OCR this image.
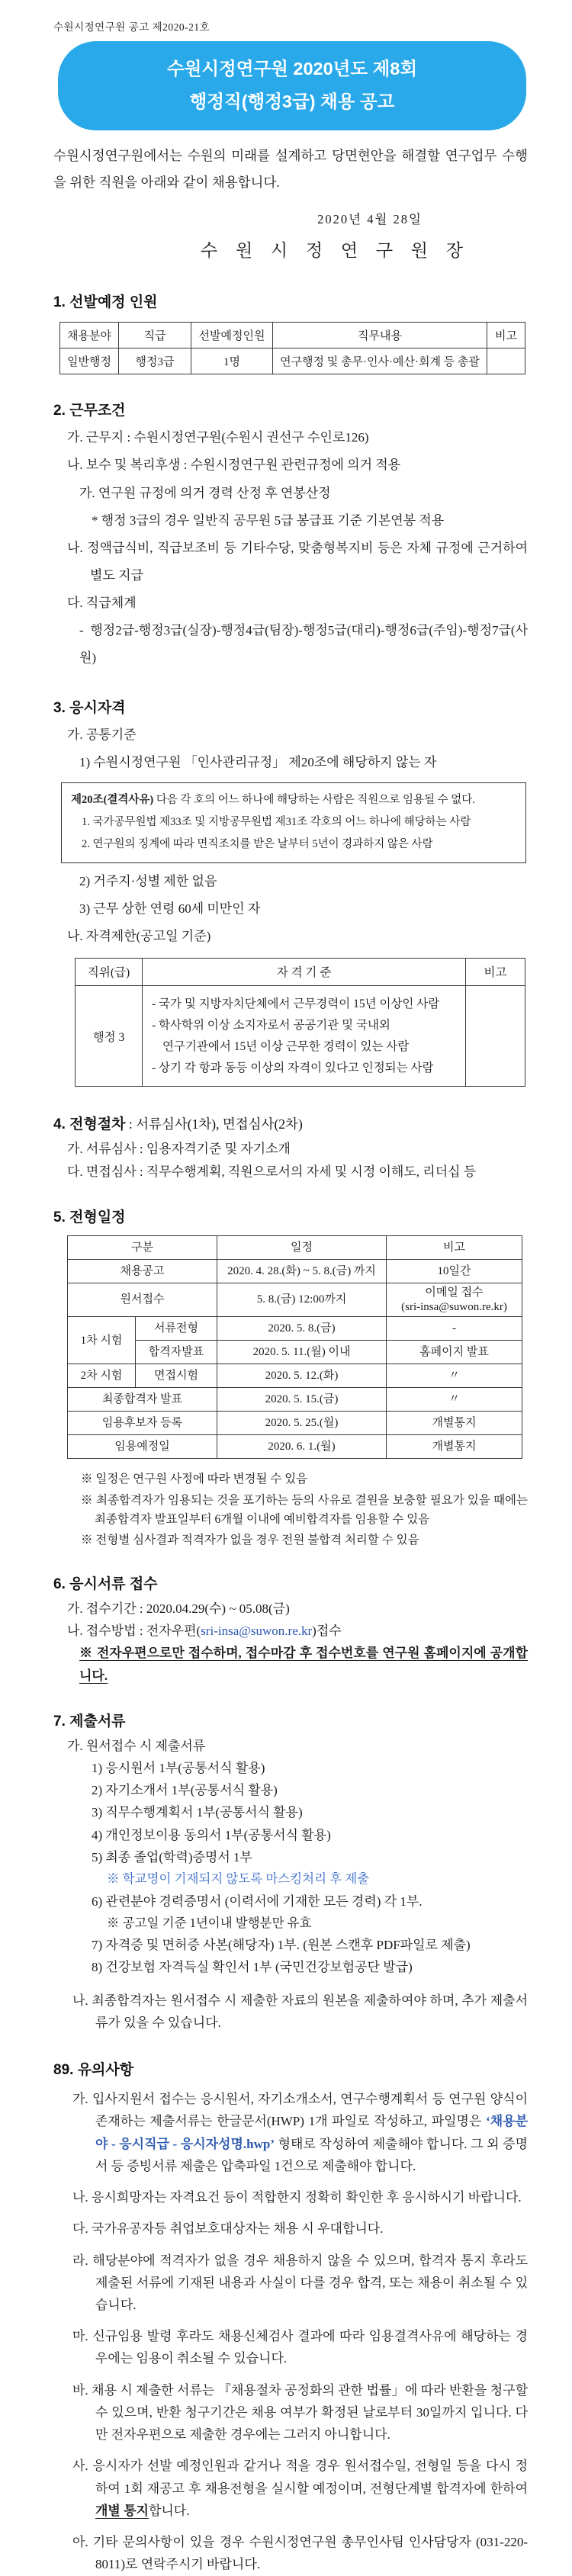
수원시정연구원 공고 제2020-21호
수원시정연구원 2020년도 제8회
행정직(행정3급) 채용 공고

수원시정연구원에서는 수원의 미래를 설계하고 당면현안을 해결할 연구업무 수행을 위한 직원을 아래와 같이 채용합니다.

2020년 4월 28일
수 원 시 정 연 구 원 장
1. 선발예정 인원
채용분야	직급	선발예정인원	직무내용	비고
일반행정	행정3급	1명	연구행정 및 총무·인사·예산·회계 등 총괄	
2. 근무조건
가. 근무지 : 수원시정연구원(수원시 권선구 수인로126)
나. 보수 및 복리후생 : 수원시정연구원 관련규정에 의거 적용
가. 연구원 규정에 의거 경력 산정 후 연봉산정
* 행정 3급의 경우 일반직 공무원 5급 봉급표 기준 기본연봉 적용
나. 정액급식비, 직급보조비 등 기타수당, 맞춤형복지비 등은 자체 규정에 근거하여 별도 지급
다. 직급체계
- 행정2급-행정3급(실장)-행정4급(팀장)-행정5급(대리)-행정6급(주임)-행정7급(사원)
3. 응시자격
가. 공통기준
1) 수원시정연구원 「인사관리규정」 제20조에 해당하지 않는 자
제20조(결격사유) 다음 각 호의 어느 하나에 해당하는 사람은 직원으로 임용될 수 없다.
1. 국가공무원법 제33조 및 지방공무원법 제31조 각호의 어느 하나에 해당하는 사람
2. 연구원의 징계에 따라 면직조치를 받은 날부터 5년이 경과하지 않은 사람
2) 거주지·성별 제한 없음
3) 근무 상한 연령 60세 미만인 자
나. 자격제한(공고일 기준)
직위(급)	자 격 기 준	비고
행정 3	- 국가 및 지방자치단체에서 근무경력이 15년 이상인 사람
- 학사학위 이상 소지자로서 공공기관 및 국내외 연구기관에서 15년 이상 근무한 경력이 있는 사람
- 상기 각 항과 동등 이상의 자격이 있다고 인정되는 사람	

4. 전형절차 : 서류심사(1차), 면접심사(2차)
가. 서류심사 : 임용자격기준 및 자기소개
다. 면접심사 : 직무수행계획, 직원으로서의 자세 및 시정 이해도, 리더십 등
5. 전형일정
구분		일정	비고
채용공고		2020. 4. 28.(화) ~ 5. 8.(금) 까지	10일간
원서접수		5. 8.(금) 12:00까지	이메일 접수
(sri-insa@suwon.re.kr)

1차 시험	서류전형	2020. 5. 8.(금)	-
	합격자발표	2020. 5. 11.(월) 이내	홈페이지 발표
2차 시험	면접시험	2020. 5. 12.(화)	〃
최종합격자 발표		2020. 5. 15.(금)	〃
임용후보자 등록		2020. 5. 25.(월)	개별통지
임용예정일		2020. 6. 1.(월)	개별통지
※ 일정은 연구원 사정에 따라 변경될 수 있음
※ 최종합격자가 임용되는 것을 포기하는 등의 사유로 결원을 보충할 필요가 있을 때에는 최종합격자 발표일부터 6개월 이내에 예비합격자를 임용할 수 있음
※ 전형별 심사결과 적격자가 없을 경우 전원 불합격 처리할 수 있음
6. 응시서류 접수
가. 접수기간 : 2020.04.29(수) ~ 05.08(금)
나. 접수방법 : 전자우편(sri-insa@suwon.re.kr)접수
※ 전자우편으로만 접수하며, 접수마감 후 접수번호를 연구원 홈페이지에 공개합니다.
7. 제출서류
가. 원서접수 시 제출서류
1) 응시원서 1부(공통서식 활용)
2) 자기소개서 1부(공통서식 활용)
3) 직무수행계획서 1부(공통서식 활용)
4) 개인정보이용 동의서 1부(공통서식 활용)
5) 최종 졸업(학력)증명서 1부
※ 학교명이 기재되지 않도록 마스킹처리 후 제출
6) 관련분야 경력증명서 (이력서에 기재한 모든 경력) 각 1부.
※ 공고일 기준 1년이내 발행분만 유효
7) 자격증 및 면허증 사본(해당자) 1부. (원본 스캔후 PDF파일로 제출)
8) 건강보험 자격득실 확인서 1부 (국민건강보험공단 발급)
나. 최종합격자는 원서접수 시 제출한 자료의 원본을 제출하여야 하며, 추가 제출서류가 있을 수 있습니다.
89. 유의사항
가. 입사지원서 접수는 응시원서, 자기소개소서, 연구수행계획서 등 연구원 양식이 존재하는 제출서류는 한글문서(HWP) 1개 파일로 작성하고, 파일명은 ‘채용분야 - 응시직급 - 응시자성명.hwp’ 형태로 작성하여 제출해야 합니다. 그 외 증명서 등 증빙서류 제출은 압축파일 1건으로 제출해야 합니다.
나. 응시희망자는 자격요건 등이 적합한지 정확히 확인한 후 응시하시기 바랍니다.
다. 국가유공자등 취업보호대상자는 채용 시 우대합니다.
라. 해당분야에 적격자가 없을 경우 채용하지 않을 수 있으며, 합격자 통지 후라도 제출된 서류에 기재된 내용과 사실이 다를 경우 합격, 또는 채용이 취소될 수 있습니다.
마. 신규임용 발령 후라도 채용신체검사 결과에 따라 임용결격사유에 해당하는 경우에는 임용이 취소될 수 있습니다.
바. 채용 시 제출한 서류는 『채용절차 공정화의 관한 법률」에 따라 반환을 청구할 수 있으며, 반환 청구기간은 채용 여부가 확정된 날로부터 30일까지 입니다. 다만 전자우편으로 제출한 경우에는 그러지 아니합니다.
사. 응시자가 선발 예정인원과 같거나 적을 경우 원서접수일, 전형일 등을 다시 정하여 1회 재공고 후 채용전형을 실시할 예정이며, 전형단계별 합격자에 한하여 개별 통지합니다.
아. 기타 문의사항이 있을 경우 수원시정연구원 총무인사팀 인사담당자 (031-220-8011)로 연락주시기 바랍니다.
